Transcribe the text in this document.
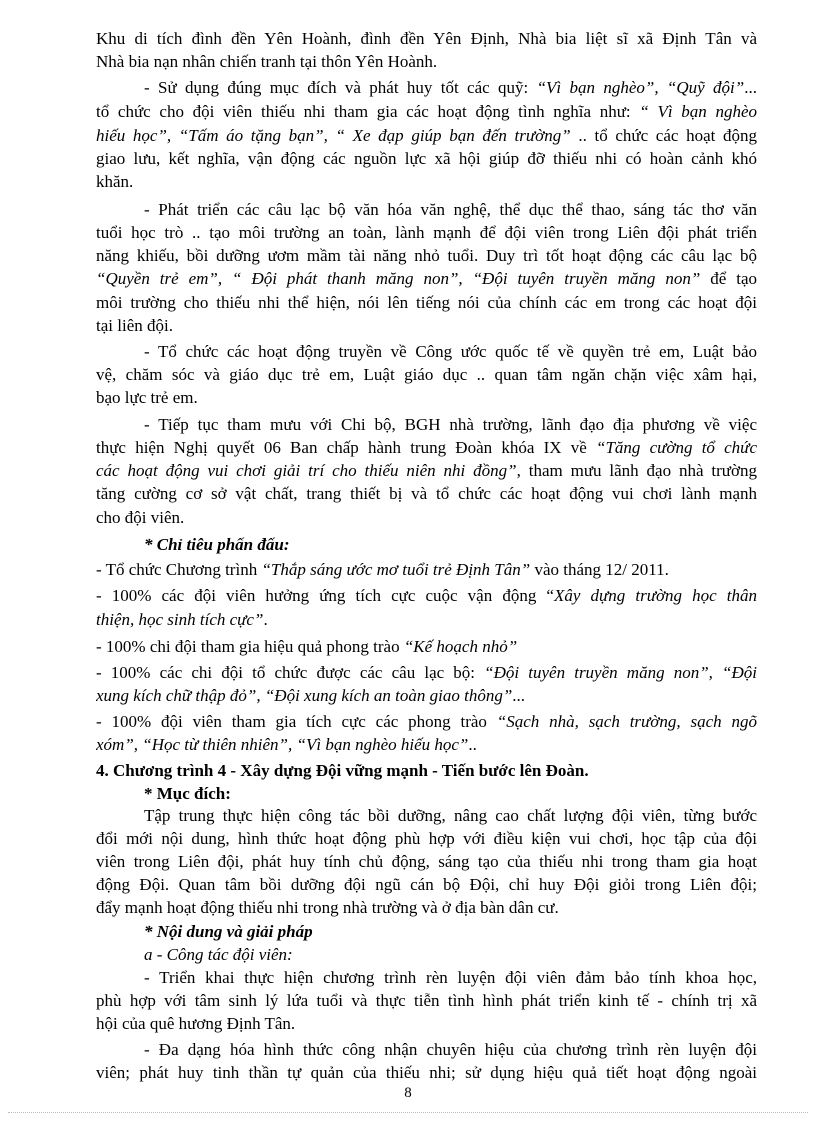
Khu di tích đình đền Yên Hoành, đình đền Yên Định, Nhà bia liệt sĩ xã Định Tân và
Nhà bia nạn nhân chiến tranh tại thôn Yên Hoành.
- Sử dụng đúng mục đích và phát huy tốt các quỹ: “Vì bạn nghèo”, “Quỹ đội”...
tổ chức cho đội viên thiếu nhi tham gia các hoạt động tình nghĩa như: “ Vì bạn nghèo
hiếu học”, “Tấm áo tặng bạn”, “ Xe đạp giúp bạn đến trường” .. tổ chức các hoạt động
giao lưu, kết nghĩa, vận động các nguồn lực xã hội giúp đỡ thiếu nhi có hoàn cảnh khó
khăn.
- Phát triển các câu lạc bộ văn hóa văn nghệ, thể dục thể thao, sáng tác thơ văn
tuổi học trò .. tạo môi trường an toàn, lành mạnh để đội viên trong Liên đội phát triển
năng khiếu, bồi dưỡng ươm mầm tài năng nhỏ tuổi. Duy trì tốt hoạt động các câu lạc bộ
“Quyền trẻ em”, “ Đội phát thanh măng non”, “Đội tuyên truyền măng non” để tạo
môi trường cho thiếu nhi thể hiện, nói lên tiếng nói của chính các em trong các hoạt đội
tại liên đội.
- Tổ chức các hoạt động truyền về Công ước quốc tế về quyền trẻ em, Luật bảo
vệ, chăm sóc và giáo dục trẻ em, Luật giáo dục .. quan tâm ngăn chặn việc xâm hại,
bạo lực trẻ em.
- Tiếp tục tham mưu với Chi bộ, BGH nhà trường, lãnh đạo địa phương về việc
thực hiện Nghị quyết 06 Ban chấp hành trung Đoàn khóa IX về “Tăng cường tổ chức
các hoạt động vui chơi giải trí cho thiếu niên nhi đồng”, tham mưu lãnh đạo nhà trường
tăng cường cơ sở vật chất, trang thiết bị và tổ chức các hoạt động vui chơi lành mạnh
cho đội viên.
* Chỉ tiêu phấn đấu:
- Tổ chức Chương trình “Thắp sáng ước mơ tuổi trẻ Định Tân” vào tháng 12/ 2011.
- 100% các đội viên hưởng ứng tích cực cuộc vận động “Xây dựng trường học thân
thiện, học sinh tích cực”.
- 100% chi đội tham gia hiệu quả phong trào “Kế hoạch nhỏ”
- 100% các chi đội tổ chức được các câu lạc bộ: “Đội tuyên truyền măng non”, “Đội
xung kích chữ thập đỏ”, “Đội xung kích an toàn giao thông”...
- 100% đội viên tham gia tích cực các phong trào “Sạch nhà, sạch trường, sạch ngõ
xóm”, “Học từ thiên nhiên”, “Vì bạn nghèo hiếu học”..
4. Chương trình 4 - Xây dựng Đội vững mạnh - Tiến bước lên Đoàn.
* Mục đích:
Tập trung thực hiện công tác bồi dưỡng, nâng cao chất lượng đội viên, từng bước
đổi mới nội dung, hình thức hoạt động phù hợp với điều kiện vui chơi, học tập của đội
viên trong Liên đội, phát huy tính chủ động, sáng tạo của thiếu nhi trong tham gia hoạt
động Đội. Quan tâm bồi dưỡng đội ngũ cán bộ Đội, chỉ huy Đội giỏi trong Liên đội;
đẩy mạnh hoạt động thiếu nhi trong nhà trường và ở địa bàn dân cư.
* Nội dung và giải pháp
a - Công tác đội viên:
- Triển khai thực hiện chương trình rèn luyện đội viên đảm bảo tính khoa học,
phù hợp với tâm sinh lý lứa tuổi và thực tiễn tình hình phát triển kinh tế - chính trị xã
hội của quê hương Định Tân.
- Đa dạng hóa hình thức công nhận chuyên hiệu của chương trình rèn luyện đội
viên; phát huy tinh thần tự quản của thiếu nhi; sử dụng hiệu quả tiết hoạt động ngoài
8
